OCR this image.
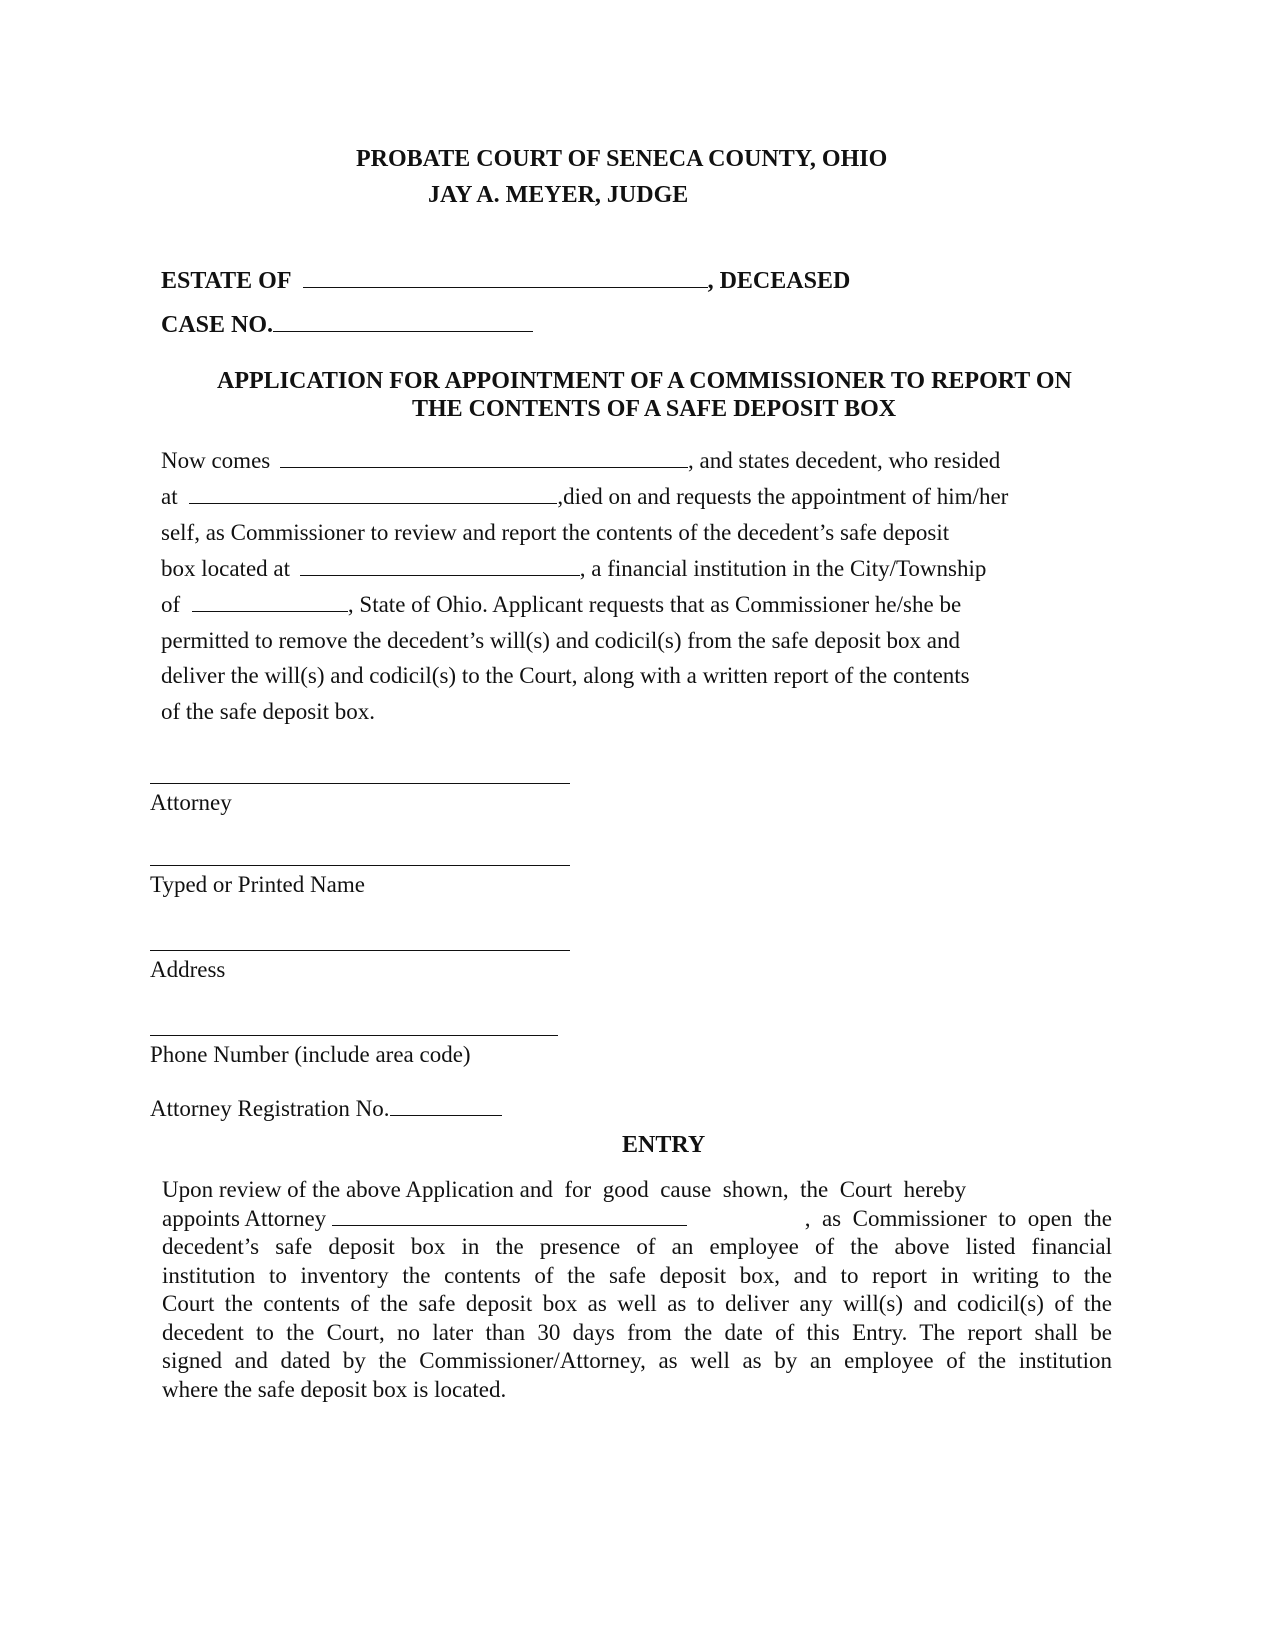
PROBATE COURT OF SENECA COUNTY, OHIO
JAY A. MEYER, JUDGE
ESTATE OF	, DECEASED
CASE NO.
APPLICATION FOR APPOINTMENT OF A COMMISSIONER TO REPORT ON
THE CONTENTS OF A SAFE DEPOSIT BOX
Now comes	, and states decedent, who resided
at	,died on and requests the appointment of him/her
self, as Commissioner to review and report the contents of the decedent’s safe deposit
box located at	, a financial institution in the City/Township
of	, State of Ohio. Applicant requests that as Commissioner he/she be
permitted to remove the decedent’s will(s) and codicil(s) from the safe deposit box and
deliver the will(s) and codicil(s) to the Court, along with a written report of the contents
of the safe deposit box.
Attorney
Typed or Printed Name
Address
Phone Number (include area code)
Attorney Registration No.
ENTRY
Upon review of the above Application and  for  good  cause  shown,  the  Court  hereby
appoints Attorney	,  as  Commissioner  to  open  the
decedent’s safe deposit box in the presence of an employee of the above listed financial
institution to inventory the contents of the safe deposit box, and to report in writing to the
Court the contents of the safe deposit box as well as to deliver any will(s) and codicil(s) of the
decedent to the Court, no later than 30 days from the date of this Entry. The report shall be
signed and dated by the Commissioner/Attorney, as well as by an employee of the institution
where the safe deposit box is located.
